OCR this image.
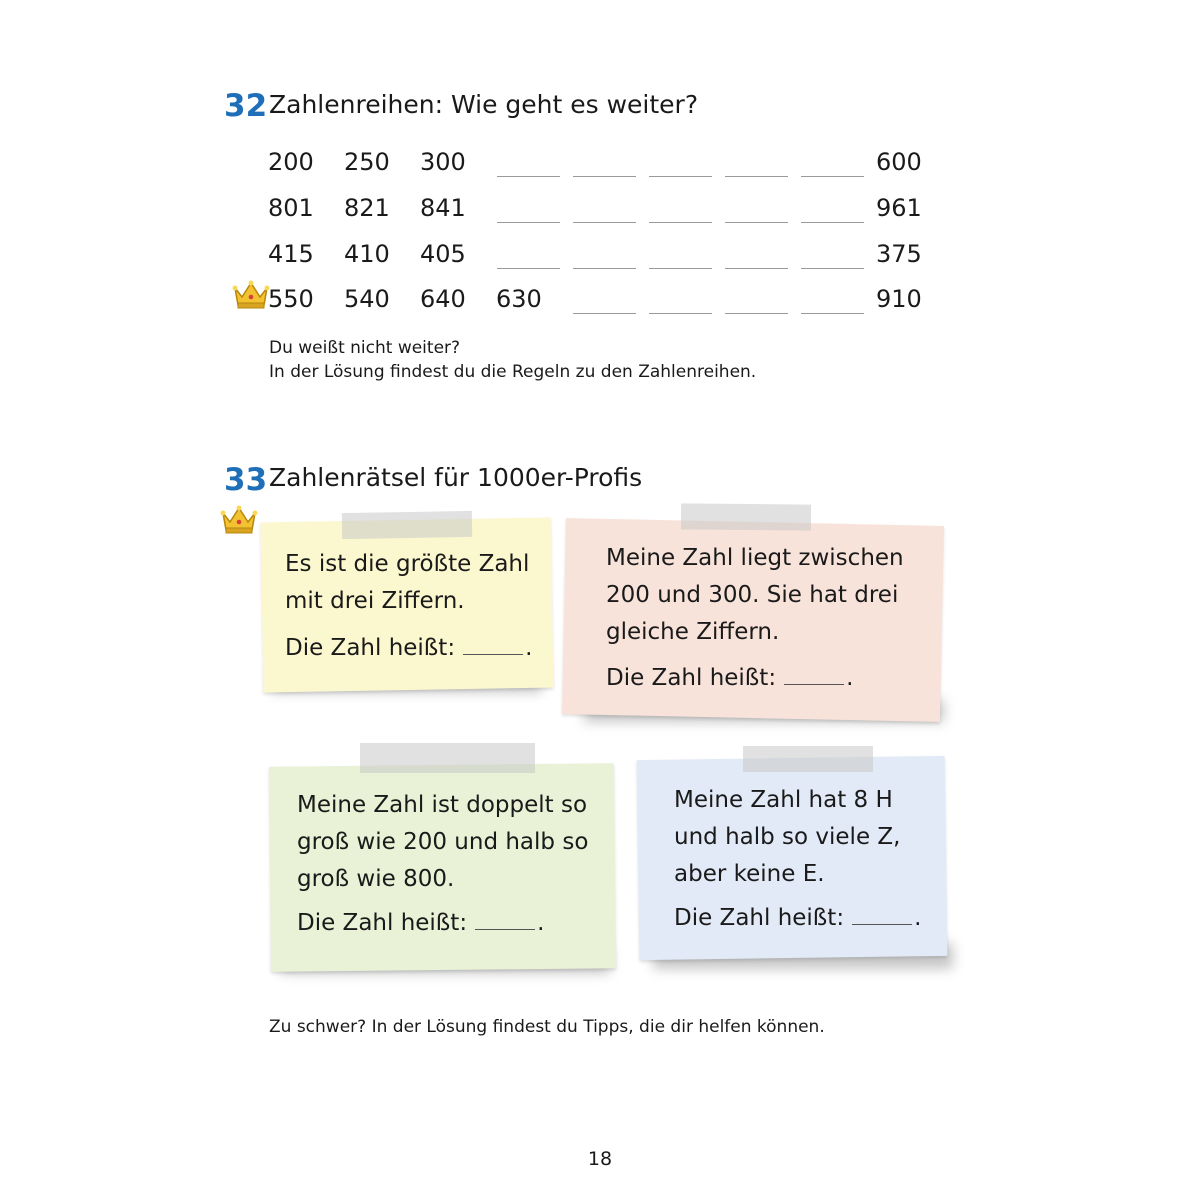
32 Zahlenreihen: Wie geht es weiter?
200 250 300	600
801 821 841	961
415 410 405	375
550 540 640 630	910
Du weißt nicht weiter?
In der Lösung findest du die Regeln zu den Zahlenreihen.
33 Zahlenrätsel für 1000er-Profis
Es ist die größte Zahl
mit drei Ziffern.
Die Zahl heißt:	.
Meine Zahl liegt zwischen
200 und 300. Sie hat drei
gleiche Ziffern.
Die Zahl heißt:	.
Meine Zahl ist doppelt so
groß wie 200 und halb so
groß wie 800.
Die Zahl heißt:	.
Meine Zahl hat 8 H
und halb so viele Z,
aber keine E.
Die Zahl heißt:	.
Zu schwer? In der Lösung findest du Tipps, die dir helfen können.
18
